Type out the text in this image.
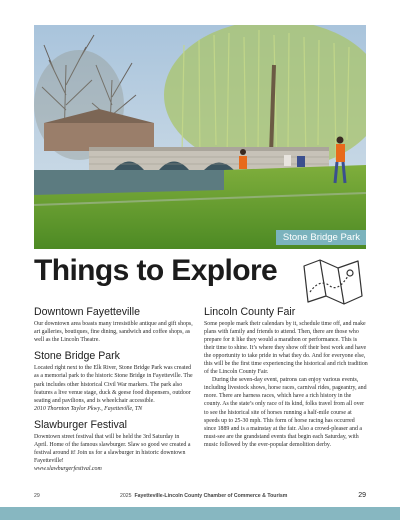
Stone Bridge Park
Things to Explore
Downtown Fayetteville

Our downtown area boasts many irresistible antique and gift shops, art galleries, boutiques, fine dining, sandwich and coffee shops, as well as the Lincoln Theatre.

Stone Bridge Park

Located right next to the Elk River, Stone Bridge Park was created as a memorial park to the historic Stone Bridge in Fayetteville. The park includes other historical Civil War markers. The park also features a live venue stage, duck & geese food dispensers, outdoor seating and pavilions, and is wheelchair accessible.

2010 Thornton Taylor Pkwy., Fayetteville, TN

Slawburger Festival

Downtown street festival that will be held the 3rd Saturday in April. Home of the famous slawburger. Slaw so good we created a festival around it! Join us for a slawburger in historic downtown Fayetteville!

www.slawburgerfestival.com

Lincoln County Fair

Some people mark their calendars by it, schedule time off, and make plans with family and friends to attend. Then, there are those who prepare for it like they would a marathon or performance. This is their time to shine. It’s where they show off their best work and have the opportunity to take pride in what they do. And for everyone else, this will be the first time experiencing the historical and rich tradition of the Lincoln County Fair.

During the seven-day event, patrons can enjoy various events, including livestock shows, horse races, carnival rides, pageantry, and more. There are harness races, which have a rich history in the county. As the state’s only race of its kind, folks travel from all over to see the historical site of horses running a half-mile course at speeds up to 25-30 mph. This form of horse racing has occurred since 1889 and is a mainstay at the fair. Also a crowd-pleaser and a must-see are the grandstand events that begin each Saturday, with music followed by the ever-popular demolition derby.

29	2025 Fayetteville-Lincoln County Chamber of Commerce & Tourism	29
